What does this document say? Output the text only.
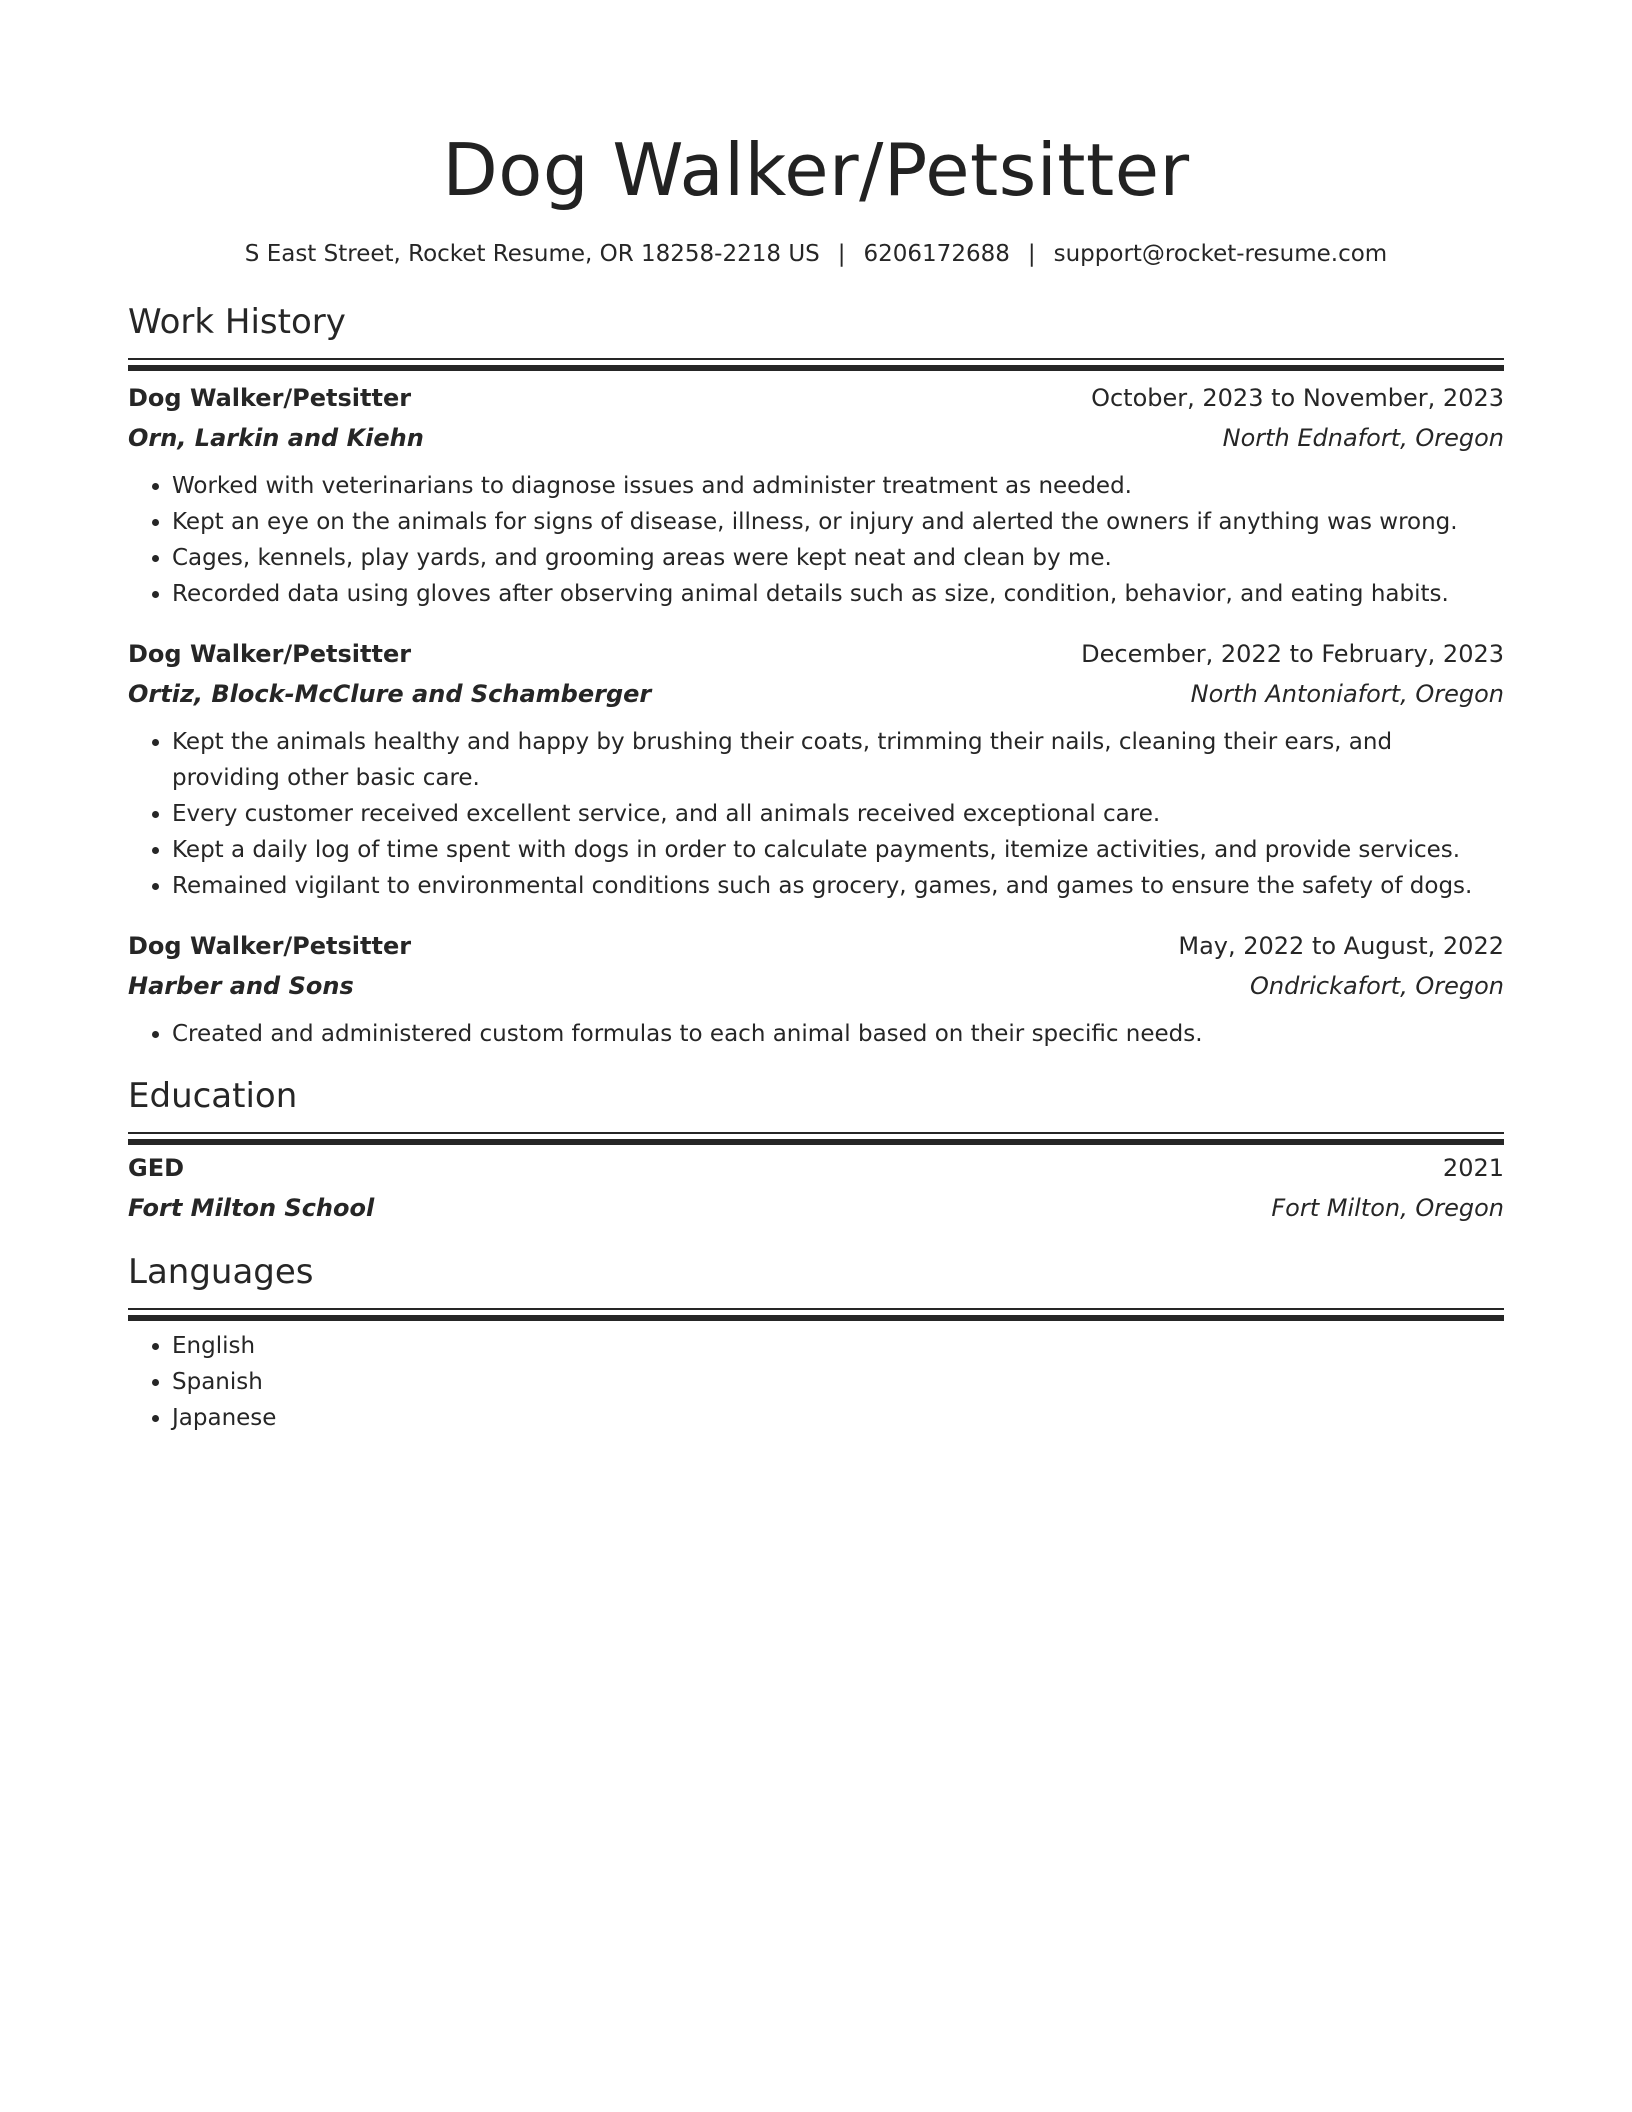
Dog Walker/Petsitter
S East Street, Rocket Resume, OR 18258-2218 US | 6206172688 | support@rocket-resume.com
Work History
Dog Walker/Petsitter	October, 2023 to November, 2023
Orn, Larkin and Kiehn	North Ednafort, Oregon
• Worked with veterinarians to diagnose issues and administer treatment as needed.
• Kept an eye on the animals for signs of disease, illness, or injury and alerted the owners if anything was wrong.
• Cages, kennels, play yards, and grooming areas were kept neat and clean by me.
• Recorded data using gloves after observing animal details such as size, condition, behavior, and eating habits.
Dog Walker/Petsitter	December, 2022 to February, 2023
Ortiz, Block-McClure and Schamberger	North Antoniafort, Oregon
• Kept the animals healthy and happy by brushing their coats, trimming their nails, cleaning their ears, and providing other basic care.
• Every customer received excellent service, and all animals received exceptional care.
• Kept a daily log of time spent with dogs in order to calculate payments, itemize activities, and provide services.
• Remained vigilant to environmental conditions such as grocery, games, and games to ensure the safety of dogs.
Dog Walker/Petsitter	May, 2022 to August, 2022
Harber and Sons	Ondrickafort, Oregon
• Created and administered custom formulas to each animal based on their specific needs.
Education
GED	2021
Fort Milton School	Fort Milton, Oregon
Languages
• English
• Spanish
• Japanese
